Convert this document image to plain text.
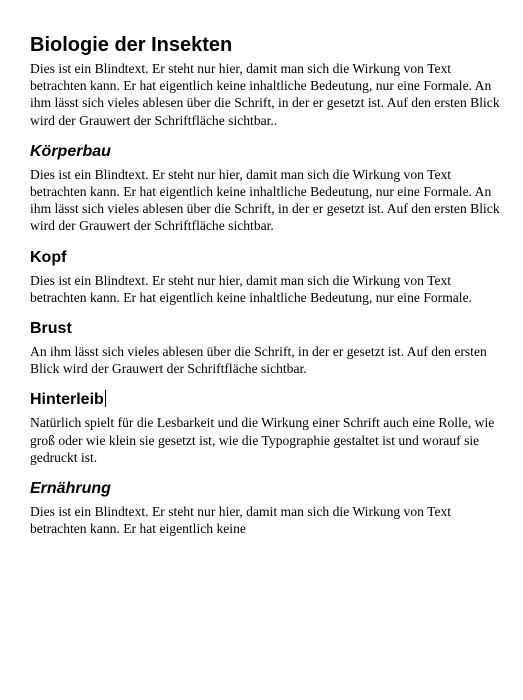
Biologie der Insekten

Dies ist ein Blindtext. Er steht nur hier, damit man sich die Wirkung von Text betrachten kann. Er hat eigentlich keine inhaltliche Bedeutung, nur eine Formale. An ihm lässt sich vieles ablesen über die Schrift, in der er gesetzt ist. Auf den ersten Blick wird der Grauwert der Schriftfläche sichtbar..

Körperbau

Dies ist ein Blindtext. Er steht nur hier, damit man sich die Wirkung von Text betrachten kann. Er hat eigentlich keine inhaltliche Bedeutung, nur eine Formale. An ihm lässt sich vieles ablesen über die Schrift, in der er gesetzt ist. Auf den ersten Blick wird der Grauwert der Schriftfläche sichtbar.

Kopf

Dies ist ein Blindtext. Er steht nur hier, damit man sich die Wirkung von Text betrachten kann. Er hat eigentlich keine inhaltliche Bedeutung, nur eine Formale.

Brust

An ihm lässt sich vieles ablesen über die Schrift, in der er gesetzt ist. Auf den ersten Blick wird der Grauwert der Schriftfläche sichtbar.

Hinterleib

Natürlich spielt für die Lesbarkeit und die Wirkung einer Schrift auch eine Rolle, wie groß oder wie klein sie gesetzt ist, wie die Typographie gestaltet ist und worauf sie gedruckt ist.

Ernährung

Dies ist ein Blindtext. Er steht nur hier, damit man sich die Wirkung von Text betrachten kann. Er hat eigentlich keine
